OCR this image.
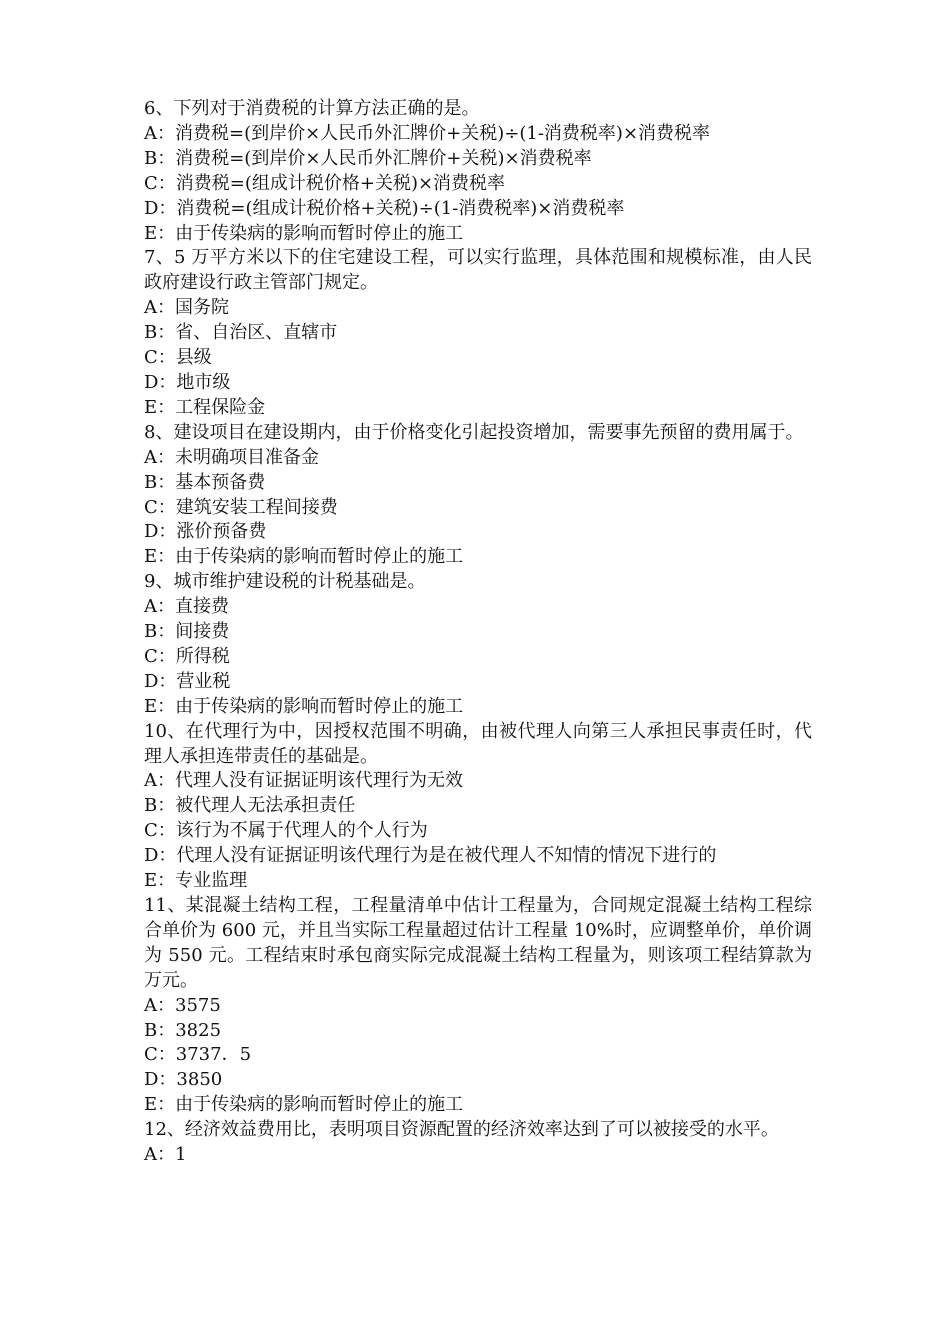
6、下列对于消费税的计算方法正确的是。

A：消费税=(到岸价×人民币外汇牌价+关税)÷(1-消费税率)×消费税率

B：消费税=(到岸价×人民币外汇牌价+关税)×消费税率

C：消费税=(组成计税价格+关税)×消费税率

D：消费税=(组成计税价格+关税)÷(1-消费税率)×消费税率

E：由于传染病的影响而暂时停止的施工

7、5 万平方米以下的住宅建设工程，可以实行监理，具体范围和规模标准，由人民政府建设行政主管部门规定。

A：国务院

B：省、自治区、直辖市

C：县级

D：地市级

E：工程保险金

8、建设项目在建设期内，由于价格变化引起投资增加，需要事先预留的费用属于。

A：未明确项目准备金

B：基本预备费

C：建筑安装工程间接费

D：涨价预备费

E：由于传染病的影响而暂时停止的施工

9、城市维护建设税的计税基础是。

A：直接费

B：间接费

C：所得税

D：营业税

E：由于传染病的影响而暂时停止的施工

10、在代理行为中，因授权范围不明确，由被代理人向第三人承担民事责任时，代理人承担连带责任的基础是。

A：代理人没有证据证明该代理行为无效

B：被代理人无法承担责任

C：该行为不属于代理人的个人行为

D：代理人没有证据证明该代理行为是在被代理人不知情的情况下进行的

E：专业监理

11、某混凝土结构工程，工程量清单中估计工程量为，合同规定混凝土结构工程综合单价为 600 元，并且当实际工程量超过估计工程量 10%时，应调整单价，单价调为 550 元。工程结束时承包商实际完成混凝土结构工程量为，则该项工程结算款为万元。

A：3575

B：3825

C：3737．5

D：3850

E：由于传染病的影响而暂时停止的施工

12、经济效益费用比，表明项目资源配置的经济效率达到了可以被接受的水平。

A：1
